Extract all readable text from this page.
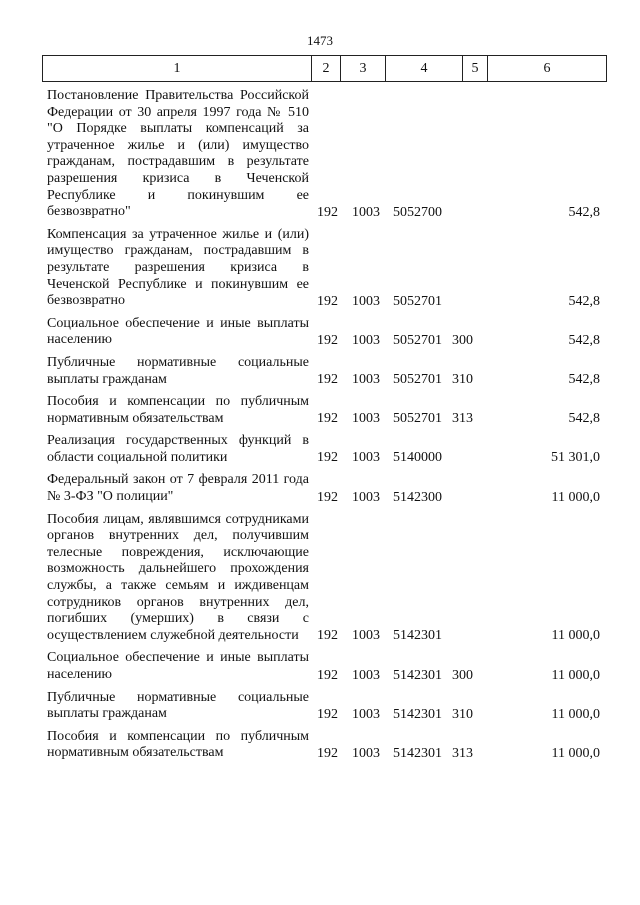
1473
1	2	3	4	5	6
Постановление Правительства Российской Федерации от 30 апреля 1997 года № 510 "О Порядке выплаты компенсаций за утраченное жилье и (или) имущество гражданам, пострадавшим в результате разрешения кризиса в Чеченской Республике и покинувшим ее безвозвратно"	192 1003 5052700	542,8
Компенсация за утраченное жилье и (или) имущество гражданам, пострадавшим в результате разрешения кризиса в Чеченской Республике и покинувшим ее безвозвратно	192 1003 5052701	542,8
Социальное обеспечение и иные выплаты населению	192 1003 5052701 300	542,8
Публичные нормативные социальные выплаты гражданам	192 1003 5052701 310	542,8
Пособия и компенсации по публичным нормативным обязательствам	192 1003 5052701 313	542,8
Реализация государственных функций в области социальной политики	192 1003 5140000	51 301,0
Федеральный закон от 7 февраля 2011 года № 3-ФЗ "О полиции"	192 1003 5142300	11 000,0
Пособия лицам, являвшимся сотрудниками органов внутренних дел, получившим телесные повреждения, исключающие возможность дальнейшего прохождения службы, а также семьям и иждивенцам сотрудников органов внутренних дел, погибших (умерших) в связи с осуществлением служебной деятельности	192 1003 5142301	11 000,0
Социальное обеспечение и иные выплаты населению	192 1003 5142301 300	11 000,0
Публичные нормативные социальные выплаты гражданам	192 1003 5142301 310	11 000,0
Пособия и компенсации по публичным нормативным обязательствам	192 1003 5142301 313	11 000,0
